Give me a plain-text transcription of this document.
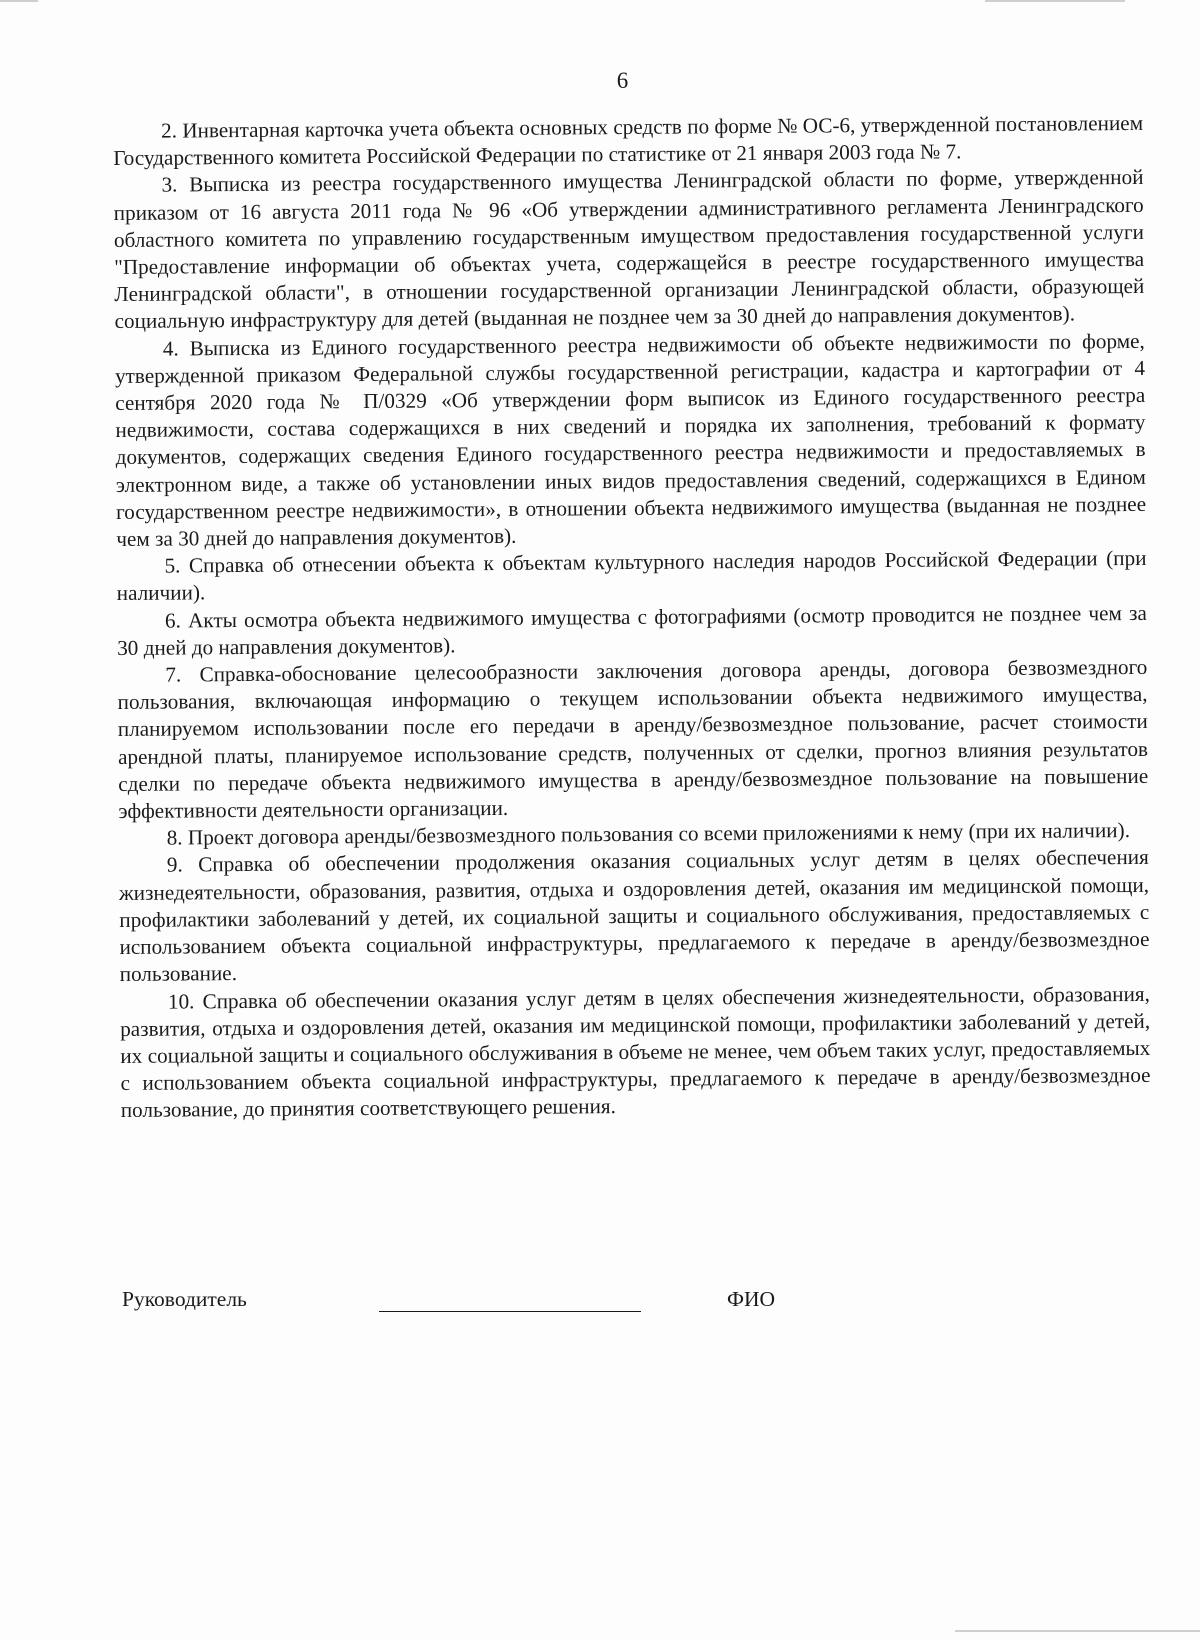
6

2. Инвентарная карточка учета объекта основных средств по форме № ОС-6, утвержденной постановлением Государственного комитета Российской Федерации по статистике от 21 января 2003 года № 7.

3. Выписка из реестра государственного имущества Ленинградской области по форме, утвержденной приказом от 16 августа 2011 года № 96 «Об утверждении административного регламента Ленинградского областного комитета по управлению государственным имуществом предоставления государственной услуги "Предоставление информации об объектах учета, содержащейся в реестре государственного имущества Ленинградской области", в отношении государственной организации Ленинградской области, образующей социальную инфраструктуру для детей (выданная не позднее чем за 30 дней до направления документов).

4. Выписка из Единого государственного реестра недвижимости об объекте недвижимости по форме, утвержденной приказом Федеральной службы государственной регистрации, кадастра и картографии от 4 сентября 2020 года № П/0329 «Об утверждении форм выписок из Единого государственного реестра недвижимости, состава содержащихся в них сведений и порядка их заполнения, требований к формату документов, содержащих сведения Единого государственного реестра недвижимости и предоставляемых в электронном виде, а также об установлении иных видов предоставления сведений, содержащихся в Едином государственном реестре недвижимости», в отношении объекта недвижимого имущества (выданная не позднее чем за 30 дней до направления документов).

5. Справка об отнесении объекта к объектам культурного наследия народов Российской Федерации (при наличии).

6. Акты осмотра объекта недвижимого имущества с фотографиями (осмотр проводится не позднее чем за 30 дней до направления документов).

7. Справка-обоснование целесообразности заключения договора аренды, договора безвозмездного пользования, включающая информацию о текущем использовании объекта недвижимого имущества, планируемом использовании после его передачи в аренду/безвозмездное пользование, расчет стоимости арендной платы, планируемое использование средств, полученных от сделки, прогноз влияния результатов сделки по передаче объекта недвижимого имущества в аренду/безвозмездное пользование на повышение эффективности деятельности организации.

8. Проект договора аренды/безвозмездного пользования со всеми приложениями к нему (при их наличии).

9. Справка об обеспечении продолжения оказания социальных услуг детям в целях обеспечения жизнедеятельности, образования, развития, отдыха и оздоровления детей, оказания им медицинской помощи, профилактики заболеваний у детей, их социальной защиты и социального обслуживания, предоставляемых с использованием объекта социальной инфраструктуры, предлагаемого к передаче в аренду/безвозмездное пользование.

10. Справка об обеспечении оказания услуг детям в целях обеспечения жизнедеятельности, образования, развития, отдыха и оздоровления детей, оказания им медицинской помощи, профилактики заболеваний у детей, их социальной защиты и социального обслуживания в объеме не менее, чем объем таких услуг, предоставляемых с использованием объекта социальной инфраструктуры, предлагаемого к передаче в аренду/безвозмездное пользование, до принятия соответствующего решения.

Руководитель	ФИО
